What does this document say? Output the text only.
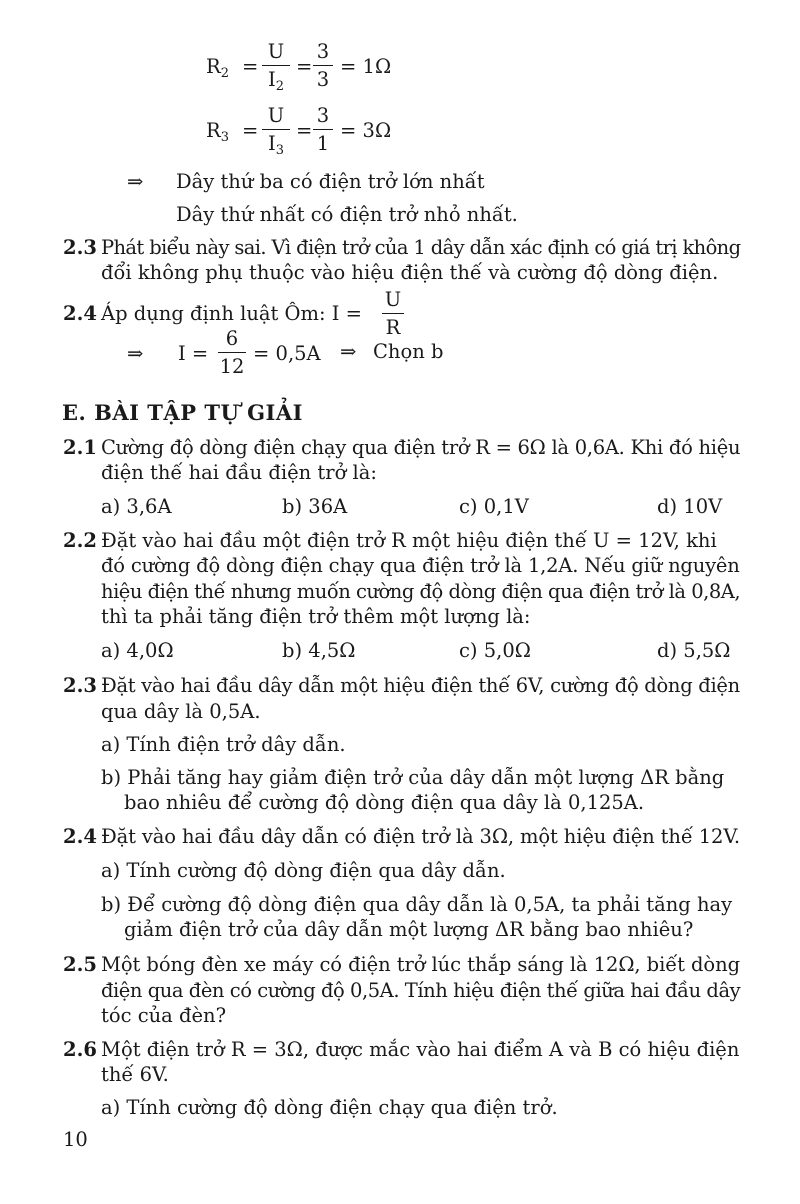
$R_2$ =
U
$I_2$
=
3
3
= 1Ω
$R_3$ =
U
$I_3$
=
3
1
= 3Ω
⇒ Dây thứ ba có điện trở lớn nhất
Dây thứ nhất có điện trở nhỏ nhất.
2.3 Phát biểu này sai. Vì điện trở của 1 dây dẫn xác định có giá trị không
đổi không phụ thuộc vào hiệu điện thế và cường độ dòng điện.
2.4 Áp dụng định luật Ôm: I =
U
R
⇒ I =
6
12
= 0,5A ⇒ Chọn b
E. BÀI TẬP TỰ GIẢI
2.1 Cường độ dòng điện chạy qua điện trở R = 6Ω là 0,6A. Khi đó hiệu
điện thế hai đầu điện trở là:
a) 3,6A	b) 36A	c) 0,1V	d) 10V
2.2 Đặt vào hai đầu một điện trở R một hiệu điện thế U = 12V, khi
đó cường độ dòng điện chạy qua điện trở là 1,2A. Nếu giữ nguyên
hiệu điện thế nhưng muốn cường độ dòng điện qua điện trở là 0,8A,
thì ta phải tăng điện trở thêm một lượng là:
a) 4,0Ω	b) 4,5Ω	c) 5,0Ω	d) 5,5Ω
2.3 Đặt vào hai đầu dây dẫn một hiệu điện thế 6V, cường độ dòng điện
qua dây là 0,5A.
a) Tính điện trở dây dẫn.
b) Phải tăng hay giảm điện trở của dây dẫn một lượng ΔR bằng
bao nhiêu để cường độ dòng điện qua dây là 0,125A.
2.4 Đặt vào hai đầu dây dẫn có điện trở là 3Ω, một hiệu điện thế 12V.
a) Tính cường độ dòng điện qua dây dẫn.
b) Để cường độ dòng điện qua dây dẫn là 0,5A, ta phải tăng hay
giảm điện trở của dây dẫn một lượng ΔR bằng bao nhiêu?
2.5 Một bóng đèn xe máy có điện trở lúc thắp sáng là 12Ω, biết dòng
điện qua đèn có cường độ 0,5A. Tính hiệu điện thế giữa hai đầu dây
tóc của đèn?
2.6 Một điện trở R = 3Ω, được mắc vào hai điểm A và B có hiệu điện
thế 6V.
a) Tính cường độ dòng điện chạy qua điện trở.
10
